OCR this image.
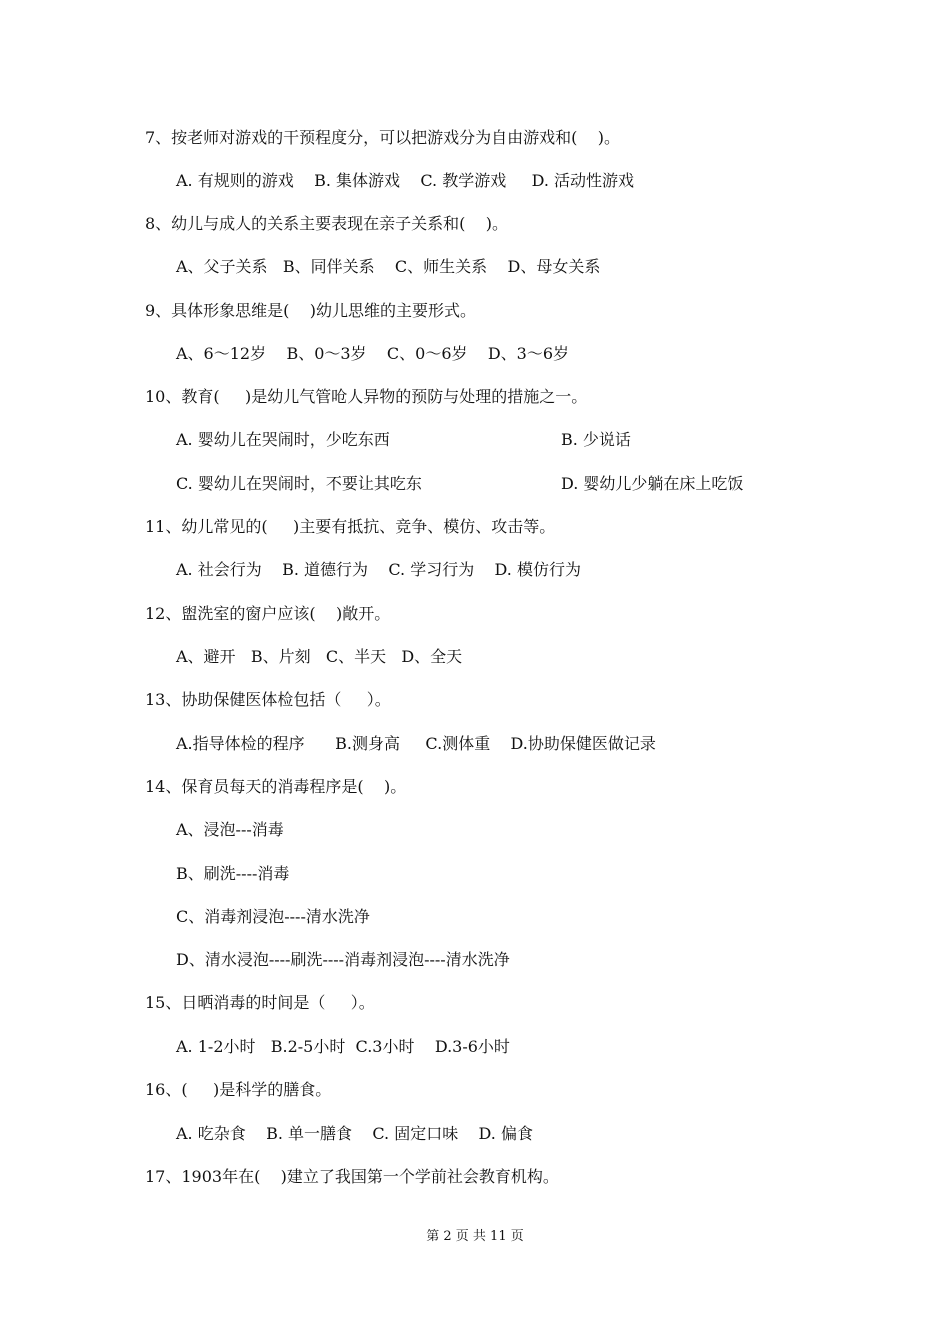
7、按老师对游戏的干预程度分，可以把游戏分为自由游戏和(    )。
A. 有规则的游戏    B. 集体游戏    C. 教学游戏     D. 活动性游戏
8、幼儿与成人的关系主要表现在亲子关系和(    )。
A、父子关系   B、同伴关系    C、师生关系    D、母女关系
9、具体形象思维是(    )幼儿思维的主要形式。
A、6～12岁    B、0～3岁    C、0～6岁    D、3～6岁
10、教育(     )是幼儿气管呛人异物的预防与处理的措施之一。
A. 婴幼儿在哭闹时，少吃东西	B. 少说话
C. 婴幼儿在哭闹时，不要让其吃东	D. 婴幼儿少躺在床上吃饭
11、幼儿常见的(     )主要有抵抗、竞争、模仿、攻击等。
A. 社会行为    B. 道德行为    C. 学习行为    D. 模仿行为
12、盥洗室的窗户应该(    )敞开。
A、避开   B、片刻   C、半天   D、全天
13、协助保健医体检包括（     ）。
A.指导体检的程序      B.测身高     C.测体重    D.协助保健医做记录
14、保育员每天的消毒程序是(    )。
A、浸泡---消毒
B、刷洗----消毒
C、消毒剂浸泡----清水洗净
D、清水浸泡----刷洗----消毒剂浸泡----清水洗净
15、日晒消毒的时间是（     ）。
A. 1-2小时   B.2-5小时  C.3小时    D.3-6小时
16、(     )是科学的膳食。
A. 吃杂食    B. 单一膳食    C. 固定口味    D. 偏食
17、1903年在(    )建立了我国第一个学前社会教育机构。
第 2 页 共 11 页
